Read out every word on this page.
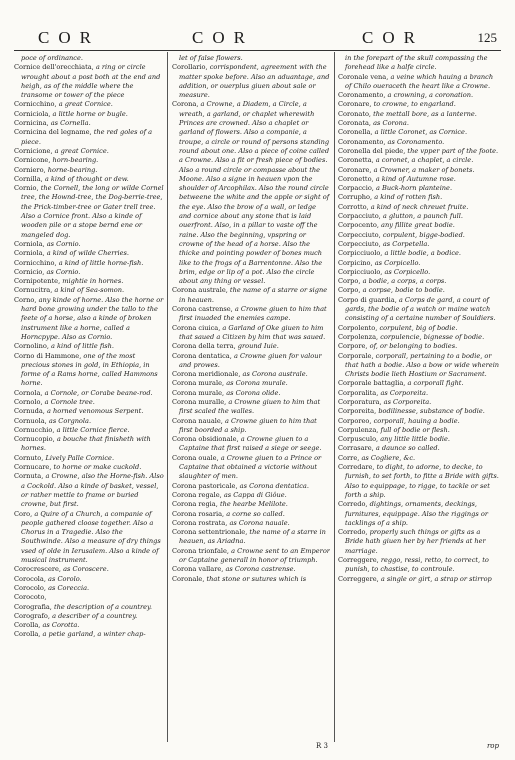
COR	COR	COR	125

poce of ordinance.

Cornice dell'orecchiata, a ring or circle wrought about a post both at the end and heigh, as of the middle where the transome or tower of the piece

Cornicchino, a great Cornice.

Corniciola, a little horne or bugle.

Cornicina, as Cornella.

Cornicina del legname, the red goles of a piece.

Cornicione, a great Cornice.

Cornicone, horn-bearing.

Corniero, horne-bearing.

Cornilla, a kind of thought or dew.

Cornio, the Cornell, the long or wilde Cornel tree, the Hownd-tree, the Dog-berrie-tree, the Prick-timber-tree or Gater trell tree. Also a Cornice front. Also a kinde of wooden pile or a stope bernd ene or mangeled dog.

Corniola, as Cornio.

Corniola, a kind of wilde Cherries.

Cornicchino, a kind of little horne-fish.

Cornicio, as Cornio.

Cornipotente, mightie in hornes.

Cornucitra, a kind of Sea-somon.

Corno, any kinde of horne. Also the horne or hard bone growing under the tallo to the feete of a horse, also a kinde of broken instrument like a horne, called a Horncpype. Also as Cornio.

Cornolino, a kind of little fish.

Corno di Hammone, one of the most precious stones in gold, in Ethiopia, in forme of a Rams horne, called Hammons horne.

Cornola, a Cornole, or Corabe beane-rod.

Cornolo, a Cornole tree.

Cornuda, a horned venomous Serpent.

Cornuola, as Corgnola.

Cornucchio, a little Cornice fierce.

Cornucopio, a bouche that finisheth with hornes.

Cornuto, Lively Palle Cornice.

Cornucare, to horne or make cuckold.

Cornuta, a Crowne, also the Horne-fish. Also a Cockold. Also a kinde of basket, vessel, or rather mettle to frame or buried crowne, but first.

Coro, a Quire of a Church, a companie of people gathered cloose together. Also a Chorus in a Tragedie. Also the Southwinde. Also a measure of dry things vsed of olde in Ierusalem. Also a kinde of musical instrument.

Corocrescere, as Coroscere.

Corocola, as Corolo.

Corocolo, as Coreccia.

Corocoto,

Corografia, the description of a countrey.

Corografo, a describer of a countrey.

Corolla, as Corotta.

Corolla, a petie garland, a winter chap-

let of false flowers.

Corollario, corrispondent, agreement with the matter spoke before. Also an aduantage, and addition, or ouerplus giuen about sale or measure.

Corona, a Crowne, a Diadem, a Circle, a wreath, a garland, or chaplet wherewith Princes are crowned. Also a chaplet or garland of flowers. Also a companie, a troupe, a circle or round of persons standing round about one. Also a piece of coine called a Crowne. Also a fit or fresh piece of bodies. Also a round circle or compasse about the Moone. Also a signe in heauen vpon the shoulder of Arcophilax. Also the round circle betweene the white and the apple or sight of the eye. Also the brow of a wall, or ledge and cornice about any stone that is laid ouerfront. Also, in a pillar to vaste off the raine. Also the beginning, vpspring or crowne of the head of a horse. Also the thicke and pointing powder of bones much like to the frogs of a Barrentonne. Also the brim, edge or lip of a pot. Also the circle about any thing or vessel.

Corona australe, the name of a starre or signe in heauen.

Corona castrense, a Crowne giuen to him that first inuaded the enemies campe.

Corona ciuica, a Garland of Oke giuen to him that saued a Citizen by him that was saued.

Corona della terra, ground Iuie.

Corona dentatica, a Crowne giuen for valour and prowes.

Corona meridionale, as Corona australe.

Corona murale, as Corona murale.

Corona murale, as Corona olide.

Corona muralle, a Crowne giuen to him that first scaled the walles.

Corona nauale, a Crowne giuen to him that first boorded a ship.

Corona obsidionale, a Crowne giuen to a Captaine that first raised a siege or seege.

Corona ouale, a Crowne giuen to a Prince or Captaine that obtained a victorie without slaughter of men.

Corona pastoricale, as Corona dentatica.

Corona regale, as Cappa di Giôue.

Corona regia, the hearbe Melilote.

Corona rosaria, a corne so called.

Corona rostrata, as Corona nauale.

Corona settentrionale, the name of a starre in heauen, as Ariadna.

Corona trionfale, a Crowne sent to an Emperor or Captaine generall in honor of triumph.

Corona vallare, as Corona castrense.

Coronale, that stone or sutures which is

in the forepart of the skull compassing the forehead like a halfe circle.

Coronale vena, a veine which hauing a branch of Chilo oueraceth the heart like a Crowne.

Coronamento, a crowning, a coronation.

Coronare, to crowne, to engarland.

Coronato, the mettall bore, as a lanterne.

Coronata, as Corona.

Coronella, a little Coronet, as Cornice.

Coronamento, as Coronamento.

Coronella del piede, the vpper part of the foote.

Coronetta, a coronet, a chaplet, a circle.

Coronare, a Crowner, a maker of bonets.

Coronetto, a kind of Autumne rose.

Corpaccio, a Buck-horn planteine.

Corrupho, a kind of rotten fish.

Corrotto, a kind of neck chreuet fruite.

Corpacciuto, a glutton, a paunch full.

Corpocento, any fillite great bodie.

Corpecciuto, corpulent, bigge-bodied.

Corpecciuto, as Corpetella.

Corpicciuolo, a little bodie, a bodice.

Corpicino, as Corpicello.

Corpicciuolo, as Corpicello.

Corpo, a bodie, a corps, a corps.

Corpo, a corpse, bodie to bodie.

Corpo di guardia, a Corps de gard, a court of gards, the bodie of a watch or maine watch consisting of a certaine number of Souldiers.

Corpolento, corpulent, big of bodie.

Corpolenza, corpulencie, bignesse of bodie.

Corpore, of, or belonging to bodies.

Corporale, corporall, pertaining to a bodie, or that hath a bodie. Also a bow or wide wherein Christs bodie lieth Hostium or Sacrament.

Corporale battaglia, a corporall fight.

Corporalita, as Corporeita.

Corporatura, as Corporeita.

Corporeita, bodilinesse, substance of bodie.

Corporeo, corporall, hauing a bodie.

Corpulenza, full of bodie or flesh.

Corpusculo, any little little bodie.

Corrasare, a daunce so called.

Corre, as Cogliere, &c.

Corredare, to dight, to adorne, to decke, to furnish, to set forth, to fitte a Bride with gifts. Also to equippage, to rigge, to tackle or set forth a ship.

Corredo, dightings, ornaments, deckings, furnitures, equippage. Also the riggings or tacklings of a ship.

Corredo, properly such things or gifts as a Bride hath giuen her by her friends at her marriage.

Correggere, reggo, ressi, retto, to correct, to punish, to chastise, to controule.

Correggere, a single or girt, a strap or stirrop

R 3	rop
